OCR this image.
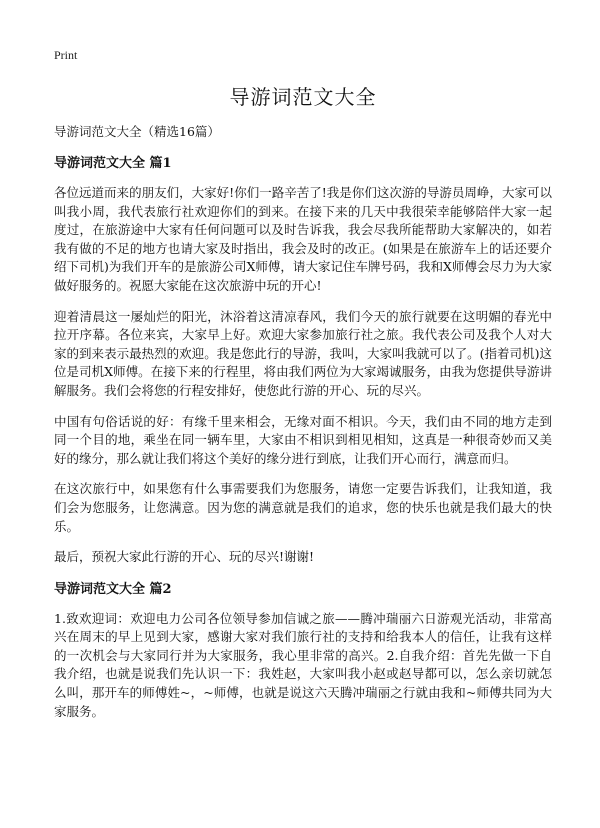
Print
导游词范文大全
导游词范文大全（精选16篇）
导游词范文大全 篇1

各位远道而来的朋友们，大家好!你们一路辛苦了!我是你们这次游的导游员周峥，大家可以叫我小周，我代表旅行社欢迎你们的到来。在接下来的几天中我很荣幸能够陪伴大家一起度过，在旅游途中大家有任何问题可以及时告诉我，我会尽我所能帮助大家解决的，如若我有做的不足的地方也请大家及时指出，我会及时的改正。(如果是在旅游车上的话还要介绍下司机)为我们开车的是旅游公司X师傅，请大家记住车牌号码，我和X师傅会尽力为大家做好服务的。祝愿大家能在这次旅游中玩的开心!

迎着清晨这一屡灿烂的阳光，沐浴着这清凉春风，我们今天的旅行就要在这明媚的春光中拉开序幕。各位来宾，大家早上好。欢迎大家参加旅行社之旅。我代表公司及我个人对大家的到来表示最热烈的欢迎。我是您此行的导游，我叫，大家叫我就可以了。(指着司机)这位是司机X师傅。在接下来的行程里，将由我们两位为大家竭诚服务，由我为您提供导游讲解服务。我们会将您的行程安排好，使您此行游的开心、玩的尽兴。

中国有句俗话说的好：有缘千里来相会，无缘对面不相识。今天，我们由不同的地方走到同一个目的地，乘坐在同一辆车里，大家由不相识到相见相知，这真是一种很奇妙而又美好的缘分，那么就让我们将这个美好的缘分进行到底，让我们开心而行，满意而归。

在这次旅行中，如果您有什么事需要我们为您服务，请您一定要告诉我们，让我知道，我们会为您服务，让您满意。因为您的满意就是我们的追求，您的快乐也就是我们最大的快乐。

最后，预祝大家此行游的开心、玩的尽兴!谢谢!

导游词范文大全 篇2

1.致欢迎词：欢迎电力公司各位领导参加信诚之旅——腾冲瑞丽六日游观光活动，非常高兴在周末的早上见到大家，感谢大家对我们旅行社的支持和给我本人的信任，让我有这样的一次机会与大家同行并为大家服务，我心里非常的高兴。2.自我介绍：首先先做一下自我介绍，也就是说我们先认识一下：我姓赵，大家叫我小赵或赵导都可以，怎么亲切就怎么叫，那开车的师傅姓~，~师傅，也就是说这六天腾冲瑞丽之行就由我和~师傅共同为大家服务。
